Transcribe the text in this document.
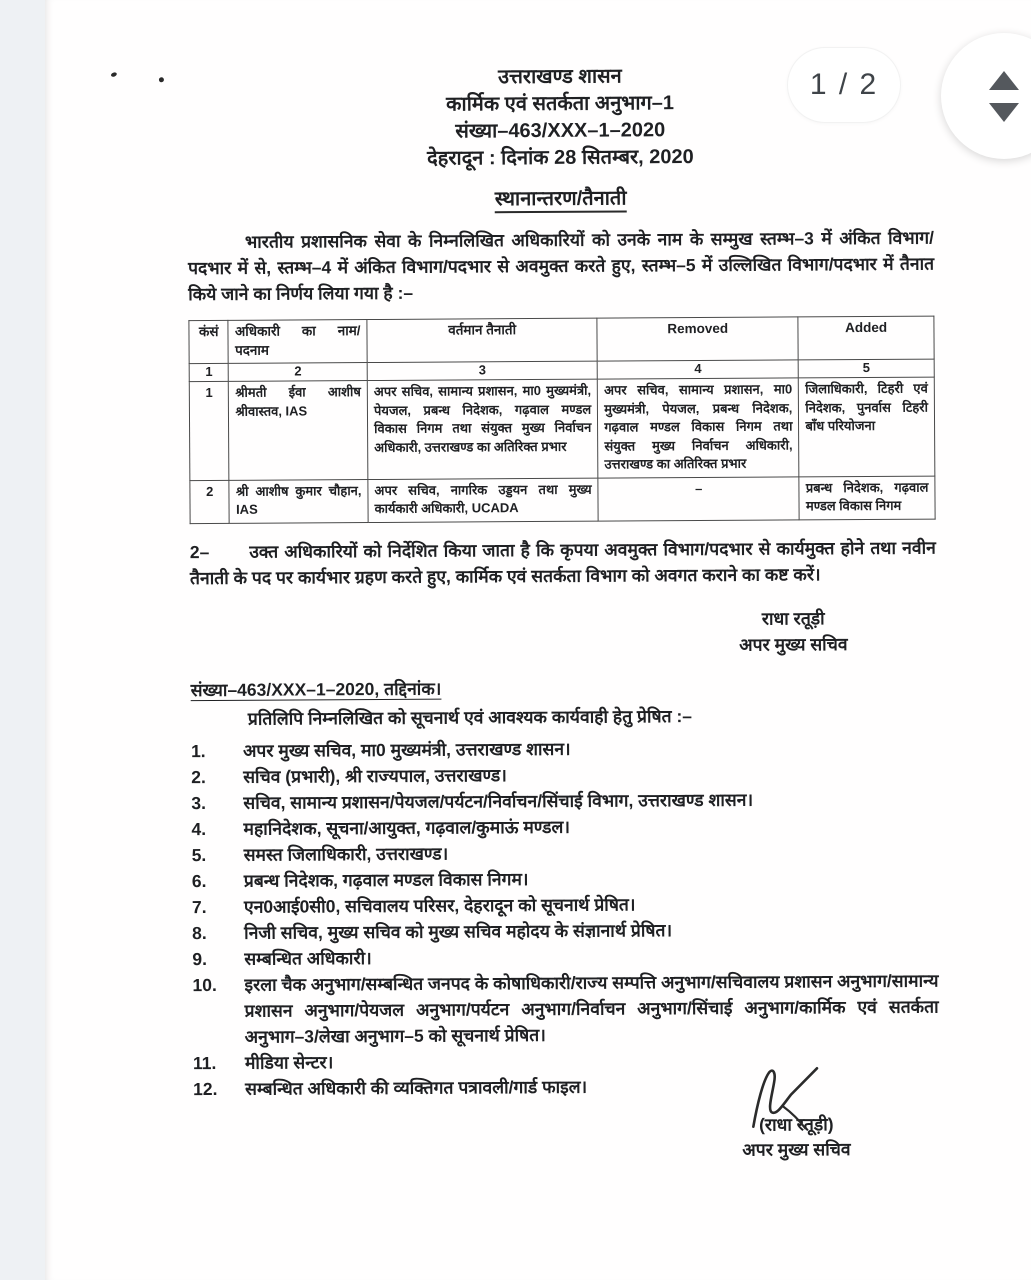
उत्तराखण्ड शासन
कार्मिक एवं सतर्कता अनुभाग–1
संख्या–463/XXX–1–2020
देहरादून : दिनांक 28 सितम्बर, 2020
स्थानान्तरण/तैनाती
भारतीय प्रशासनिक सेवा के निम्नलिखित अधिकारियों को उनके नाम के सम्मुख स्तम्भ–3 में अंकित विभाग/पदभार में से, स्तम्भ–4 में अंकित विभाग/पदभार से अवमुक्त करते हुए, स्तम्भ–5 में उल्लिखित विभाग/पदभार में तैनात किये जाने का निर्णय लिया गया है :–
कंसं	अधिकारी का नाम/ पदनाम	वर्तमान तैनाती	Removed	Added
1	2	3	4	5
1	श्रीमती ईवा आशीष श्रीवास्तव, IAS	अपर सचिव, सामान्य प्रशासन, मा0 मुख्यमंत्री, पेयजल, प्रबन्ध निदेशक, गढ़वाल मण्डल विकास निगम तथा संयुक्त मुख्य निर्वाचन अधिकारी, उत्तराखण्ड का अतिरिक्त प्रभार	अपर सचिव, सामान्य प्रशासन, मा0 मुख्यमंत्री, पेयजल, प्रबन्ध निदेशक, गढ़वाल मण्डल विकास निगम तथा संयुक्त मुख्य निर्वाचन अधिकारी, उत्तराखण्ड का अतिरिक्त प्रभार	जिलाधिकारी, टिहरी एवं निदेशक, पुनर्वास टिहरी बाँध परियोजना
2	श्री आशीष कुमार चौहान, IAS	अपर सचिव, नागरिक उड्डयन तथा मुख्य कार्यकारी अधिकारी, UCADA	–	प्रबन्ध निदेशक, गढ़वाल मण्डल विकास निगम
2– उक्त अधिकारियों को निर्देशित किया जाता है कि कृपया अवमुक्त विभाग/पदभार से कार्यमुक्त होने तथा नवीन तैनाती के पद पर कार्यभार ग्रहण करते हुए, कार्मिक एवं सतर्कता विभाग को अवगत कराने का कष्ट करें।
राधा रतूड़ी
अपर मुख्य सचिव
संख्या–463/XXX–1–2020, तद्दिनांक।
प्रतिलिपि निम्नलिखित को सूचनार्थ एवं आवश्यक कार्यवाही हेतु प्रेषित :–
1.	अपर मुख्य सचिव, मा0 मुख्यमंत्री, उत्तराखण्ड शासन।
2.	सचिव (प्रभारी), श्री राज्यपाल, उत्तराखण्ड।
3.	सचिव, सामान्य प्रशासन/पेयजल/पर्यटन/निर्वाचन/सिंचाई विभाग, उत्तराखण्ड शासन।
4.	महानिदेशक, सूचना/आयुक्त, गढ़वाल/कुमाऊं मण्डल।
5.	समस्त जिलाधिकारी, उत्तराखण्ड।
6.	प्रबन्ध निदेशक, गढ़वाल मण्डल विकास निगम।
7.	एन0आई0सी0, सचिवालय परिसर, देहरादून को सूचनार्थ प्रेषित।
8.	निजी सचिव, मुख्य सचिव को मुख्य सचिव महोदय के संज्ञानार्थ प्रेषित।
9.	सम्बन्धित अधिकारी।
10.	इरला चैक अनुभाग/सम्बन्धित जनपद के कोषाधिकारी/राज्य सम्पत्ति अनुभाग/सचिवालय प्रशासन अनुभाग/सामान्य प्रशासन अनुभाग/पेयजल अनुभाग/पर्यटन अनुभाग/निर्वाचन अनुभाग/सिंचाई अनुभाग/कार्मिक एवं सतर्कता अनुभाग–3/लेखा अनुभाग–5 को सूचनार्थ प्रेषित।
11.	मीडिया सेन्टर।
12.	सम्बन्धित अधिकारी की व्यक्तिगत पत्रावली/गार्ड फाइल।
(राधा रतूड़ी)
अपर मुख्य सचिव
1 / 2
